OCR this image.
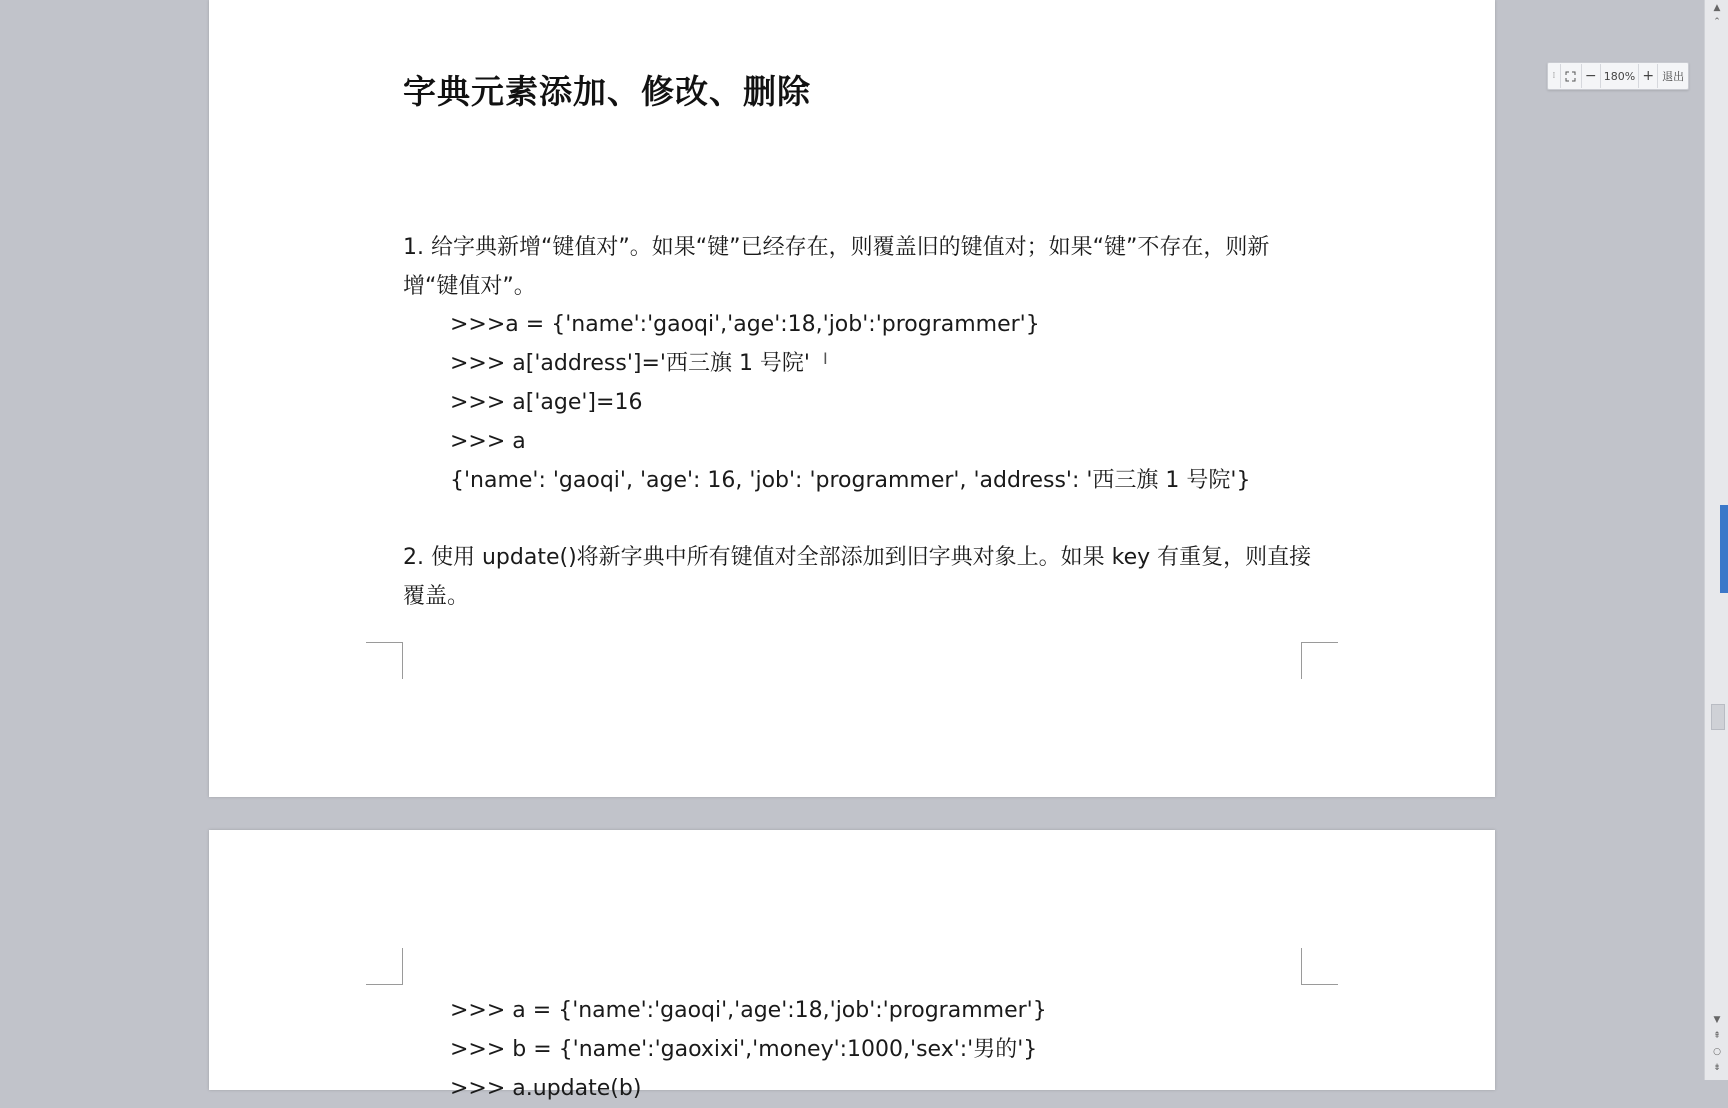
字典元素添加、修改、删除

1. 给字典新增“键值对”。如果“键”已经存在，则覆盖旧的键值对；如果“键”不存在，则新增“键值对”。

>>>a = {'name':'gaoqi','age':18,'job':'programmer'}
>>> a['address']='西三旗 1 号院'
>>> a['age']=16
>>> a
{'name': 'gaoqi', 'age': 16, 'job': 'programmer', 'address': '西三旗 1 号院'}

2. 使用 update()将新字典中所有键值对全部添加到旧字典对象上。如果 key 有重复，则直接覆盖。

I
>>> a = {'name':'gaoqi','age':18,'job':'programmer'}
>>> b = {'name':'gaoxixi','money':1000,'sex':'男的'}
>>> a.update(b)
⁞	− 180% + 退出
▲
⌃
▼
⇞
○
⇟
